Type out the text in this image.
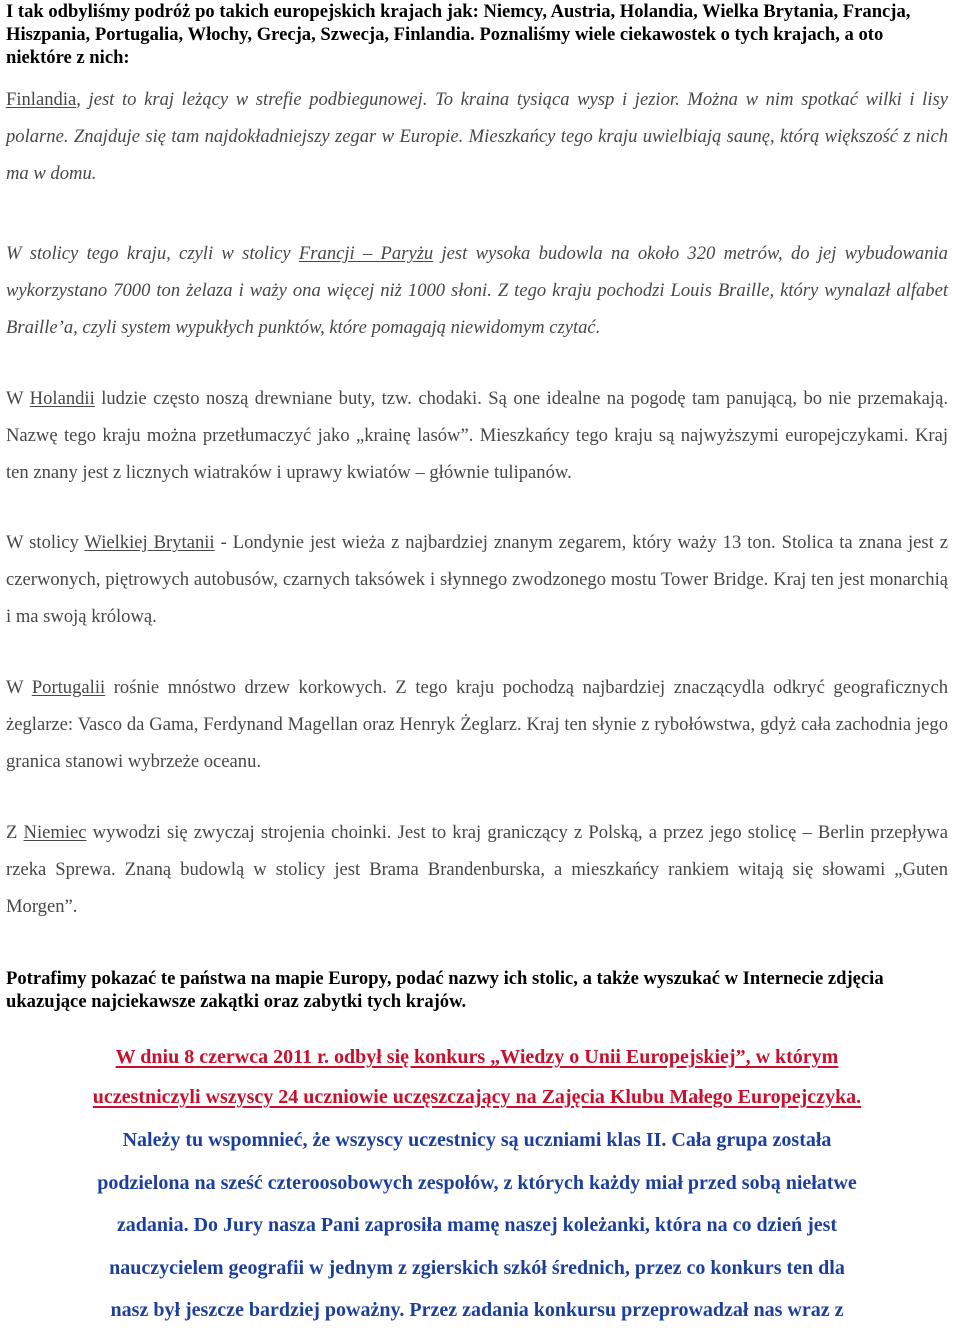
I tak odbyliśmy podróż po takich europejskich krajach jak: Niemcy, Austria, Holandia, Wielka Brytania, Francja, Hiszpania, Portugalia, Włochy, Grecja, Szwecja, Finlandia. Poznaliśmy wiele ciekawostek o tych krajach, a oto niektóre z nich:

Finlandia, jest to kraj leżący w strefie podbiegunowej. To kraina tysiąca wysp i jezior. Można w nim spotkać wilki i lisy polarne. Znajduje się tam najdokładniejszy zegar w Europie. Mieszkańcy tego kraju uwielbiają saunę, którą większość z nich ma w domu.

W stolicy tego kraju, czyli w stolicy Francji – Paryżu jest wysoka budowla na około 320 metrów, do jej wybudowania wykorzystano 7000 ton żelaza i waży ona więcej niż 1000 słoni. Z tego kraju pochodzi Louis Braille, który wynalazł alfabet Braille’a, czyli system wypukłych punktów, które pomagają niewidomym czytać.

W Holandii ludzie często noszą drewniane buty, tzw. chodaki. Są one idealne na pogodę tam panującą, bo nie przemakają. Nazwę tego kraju można przetłumaczyć jako „krainę lasów”. Mieszkańcy tego kraju są najwyższymi europejczykami. Kraj ten znany jest z licznych wiatraków i uprawy kwiatów – głównie tulipanów.

W stolicy Wielkiej Brytanii - Londynie jest wieża z najbardziej znanym zegarem, który waży 13 ton. Stolica ta znana jest z czerwonych, piętrowych autobusów, czarnych taksówek i słynnego zwodzonego mostu Tower Bridge. Kraj ten jest monarchią i ma swoją królową.

W Portugalii rośnie mnóstwo drzew korkowych. Z tego kraju pochodzą najbardziej znaczącydla odkryć geograficznych żeglarze: Vasco da Gama, Ferdynand Magellan oraz Henryk Żeglarz. Kraj ten słynie z rybołówstwa, gdyż cała zachodnia jego granica stanowi wybrzeże oceanu.

Z Niemiec wywodzi się zwyczaj strojenia choinki. Jest to kraj graniczący z Polską, a przez jego stolicę – Berlin przepływa rzeka Sprewa. Znaną budowlą w stolicy jest Brama Brandenburska, a mieszkańcy rankiem witają się słowami „Guten Morgen”.

Potrafimy pokazać te państwa na mapie Europy, podać nazwy ich stolic, a także wyszukać w Internecie zdjęcia ukazujące najciekawsze zakątki oraz zabytki tych krajów.

W dniu 8 czerwca 2011 r. odbył się konkurs „Wiedzy o Unii Europejskiej”, w którym
uczestniczyli wszyscy 24 uczniowie uczęszczający na Zajęcia Klubu Małego Europejczyka.
Należy tu wspomnieć, że wszyscy uczestnicy są uczniami klas II. Cała grupa została
podzielona na sześć czteroosobowych zespołów, z których każdy miał przed sobą niełatwe
zadania. Do Jury nasza Pani zaprosiła mamę naszej koleżanki, która na co dzień jest
nauczycielem geografii w jednym z zgierskich szkół średnich, przez co konkurs ten dla
nasz był jeszcze bardziej poważny. Przez zadania konkursu przeprowadzał nas wraz z
